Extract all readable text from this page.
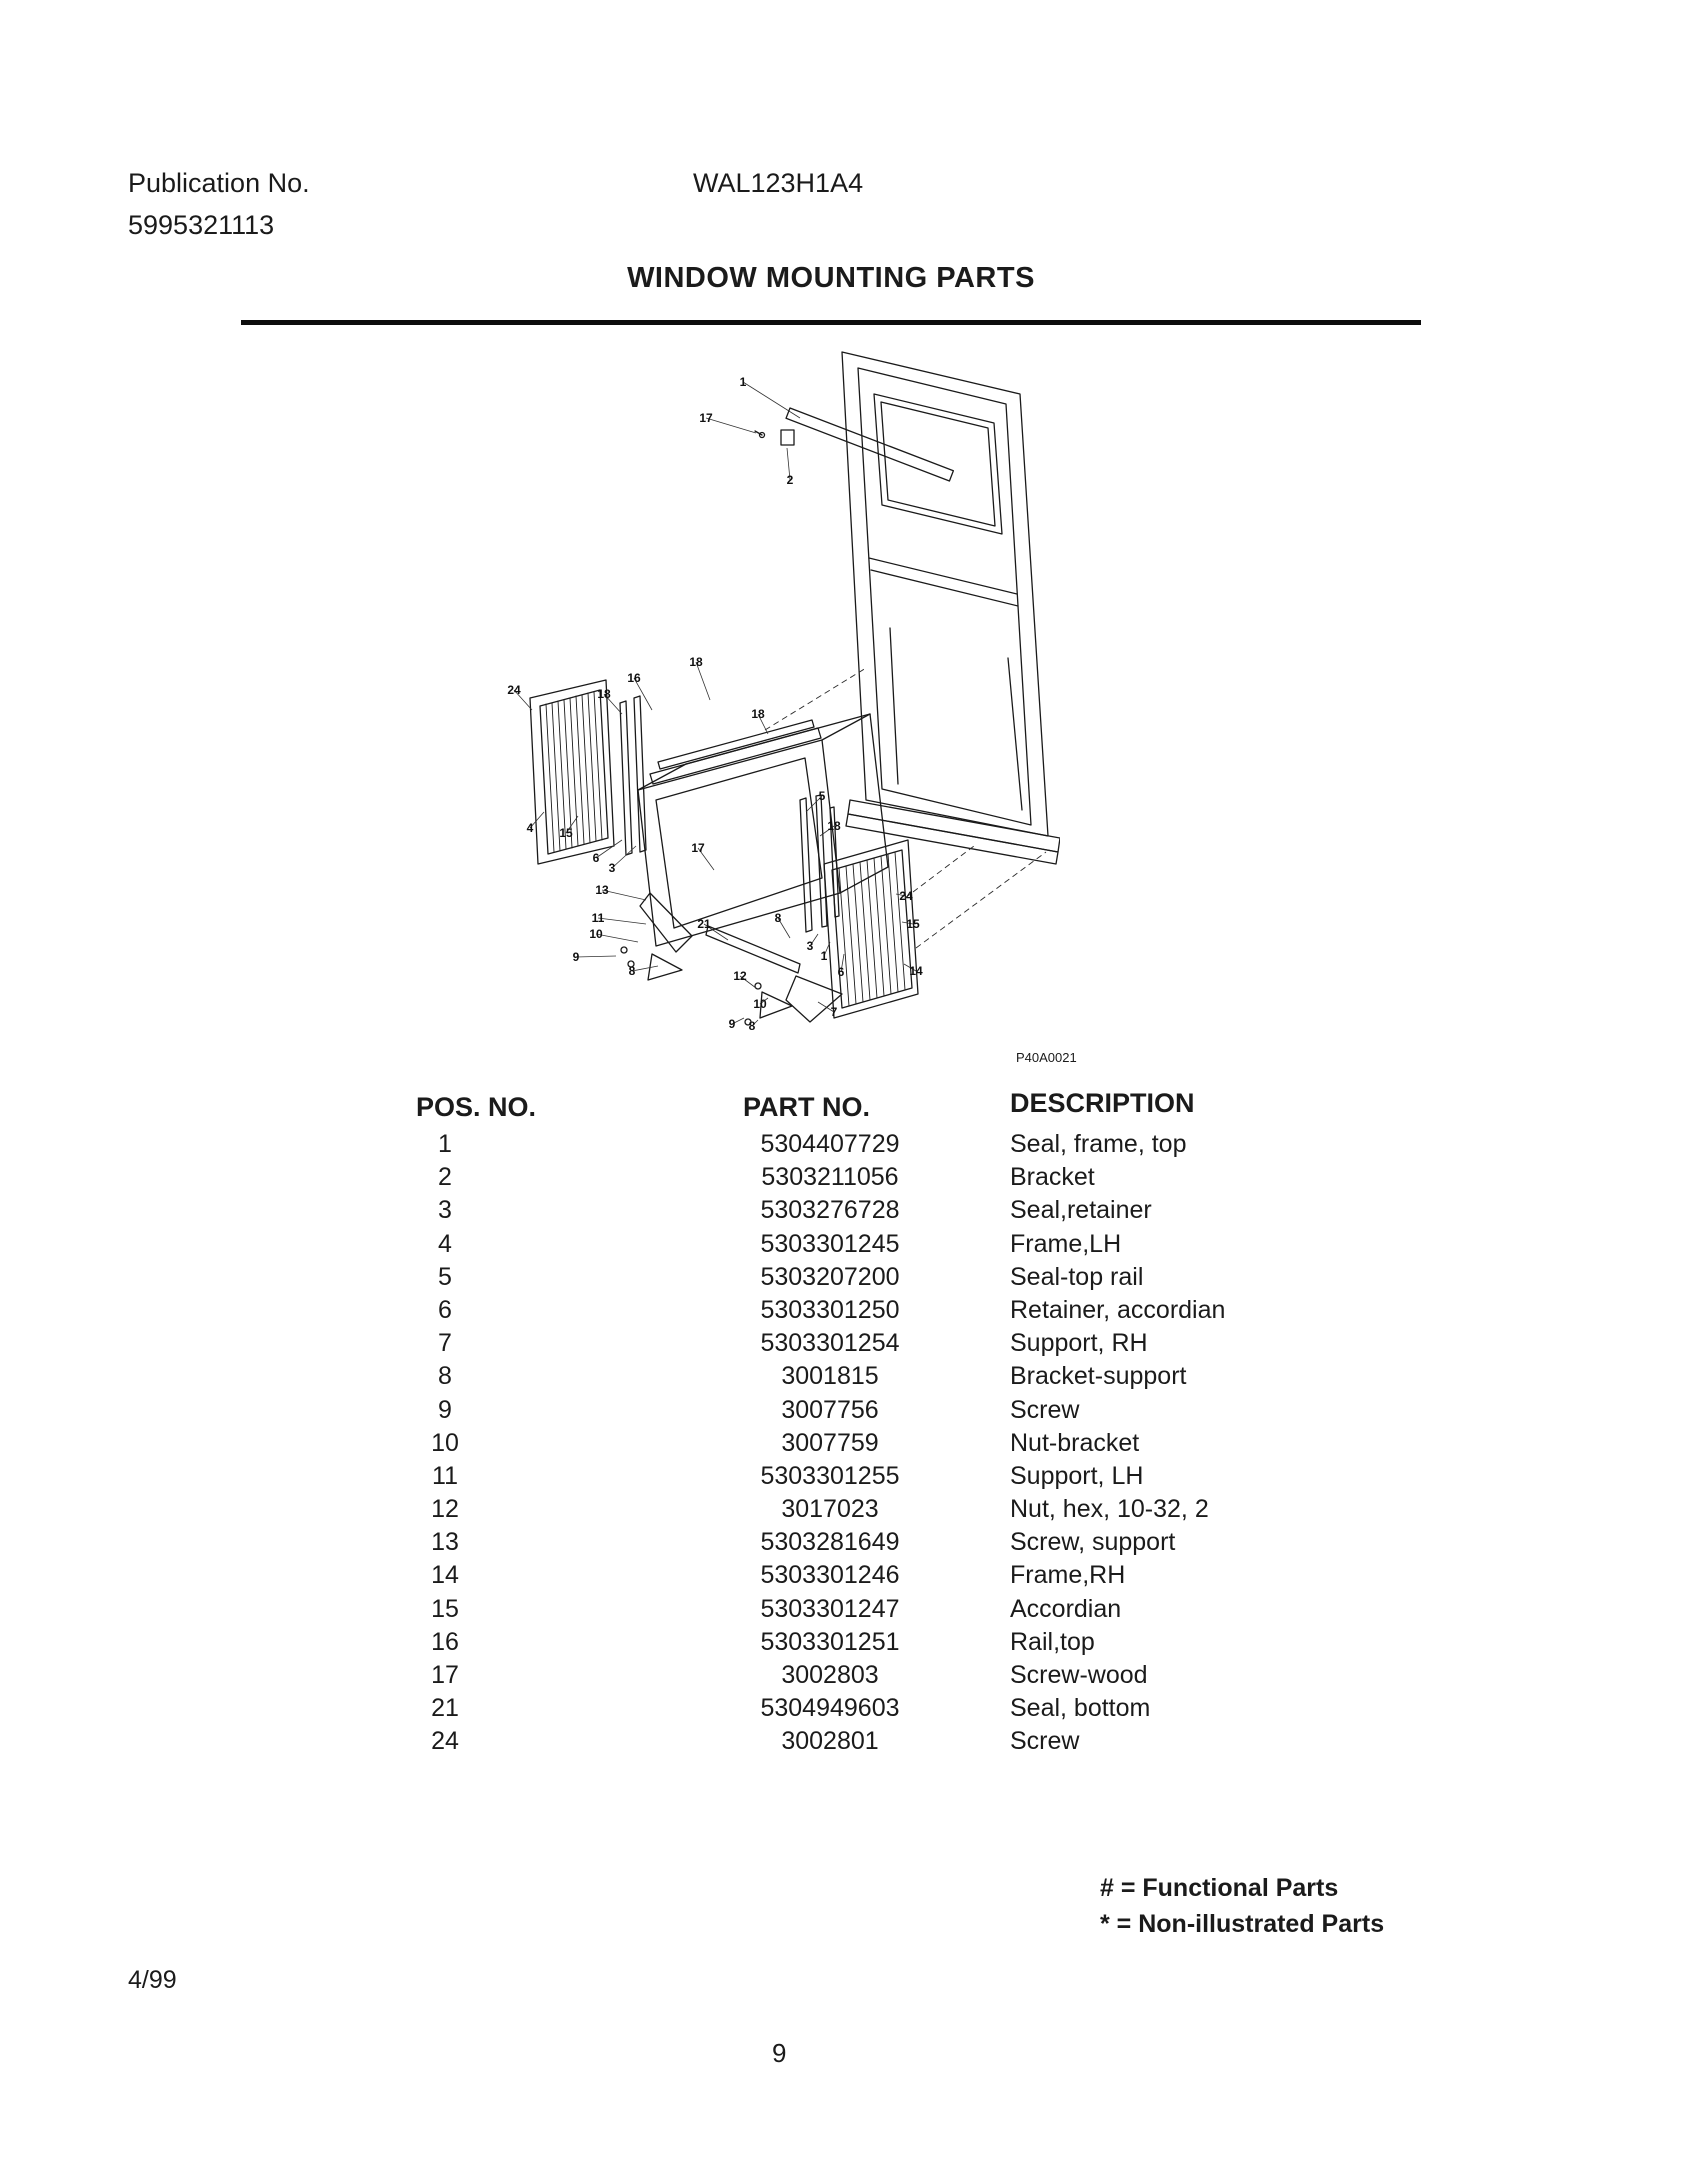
Publication No.
5995321113
WAL123H1A4
WINDOW MOUNTING PARTS
1
17
2
24	18
16
18
18
5
18
4 15
6
3
17
13
11
10
9
8
21	8
12
10
9 8
7
3
1
6
24
15
14
P40A0021
POS. NO.	PART NO.	DESCRIPTION
1	5304407729	Seal, frame, top
2	5303211056	Bracket
3	5303276728	Seal,retainer
4	5303301245	Frame,LH
5	5303207200	Seal-top rail
6	5303301250	Retainer, accordian
7	5303301254	Support, RH
8	3001815	Bracket-support
9	3007756	Screw
10	3007759	Nut-bracket
11	5303301255	Support, LH
12	3017023	Nut, hex, 10-32, 2
13	5303281649	Screw, support
14	5303301246	Frame,RH
15	5303301247	Accordian
16	5303301251	Rail,top
17	3002803	Screw-wood
21	5304949603	Seal, bottom
24	3002801	Screw
# = Functional Parts
* = Non-illustrated Parts
4/99
9
